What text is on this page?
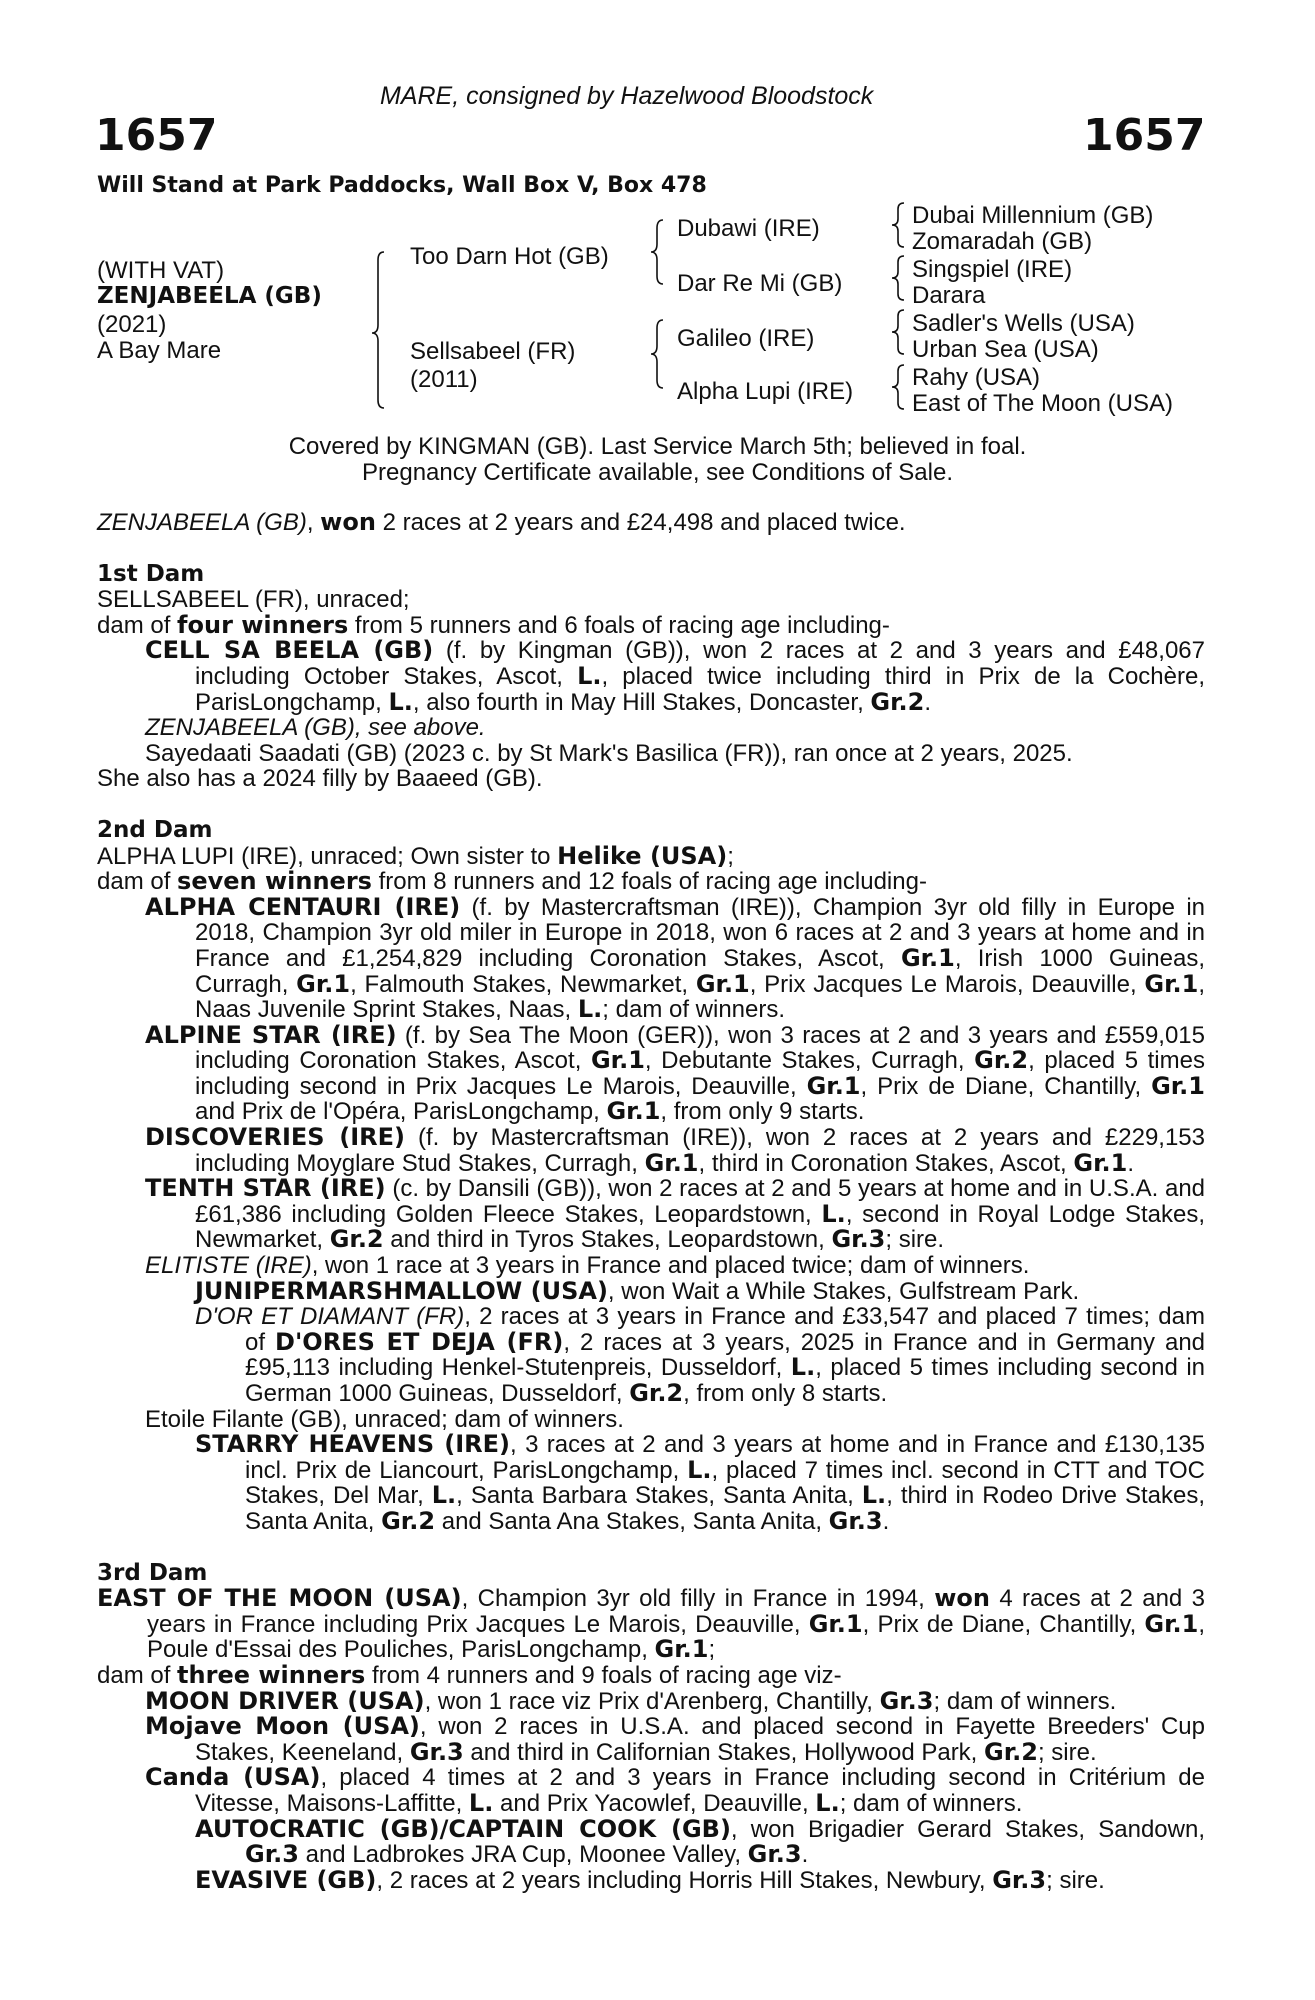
MARE, consigned by Hazelwood Bloodstock
1657	1657
Will Stand at Park Paddocks, Wall Box V, Box 478
(WITH VAT)
ZENJABEELA (GB)
(2021)
A Bay Mare
Too Darn Hot (GB)
Sellsabeel (FR)
(2011)
Dubawi (IRE)
Dar Re Mi (GB)
Galileo (IRE)
Alpha Lupi (IRE)
Dubai Millennium (GB)
Zomaradah (GB)
Singspiel (IRE)
Darara
Sadler's Wells (USA)
Urban Sea (USA)
Rahy (USA)
East of The Moon (USA)
Covered by KINGMAN (GB). Last Service March 5th; believed in foal.
Pregnancy Certificate available, see Conditions of Sale.

ZENJABEELA (GB), won 2 races at 2 years and £24,498 and placed twice.

1st Dam

SELLSABEEL (FR), unraced;

dam of four winners from 5 runners and 6 foals of racing age including-

CELL SA BEELA (GB) (f. by Kingman (GB)), won 2 races at 2 and 3 years and £48,067 including October Stakes, Ascot, L., placed twice including third in Prix de la Cochère, ParisLongchamp, L., also fourth in May Hill Stakes, Doncaster, Gr.2.

ZENJABEELA (GB), see above.

Sayedaati Saadati (GB) (2023 c. by St Mark's Basilica (FR)), ran once at 2 years, 2025.

She also has a 2024 filly by Baaeed (GB).

2nd Dam

ALPHA LUPI (IRE), unraced; Own sister to Helike (USA);

dam of seven winners from 8 runners and 12 foals of racing age including-

ALPHA CENTAURI (IRE) (f. by Mastercraftsman (IRE)), Champion 3yr old filly in Europe in 2018, Champion 3yr old miler in Europe in 2018, won 6 races at 2 and 3 years at home and in France and £1,254,829 including Coronation Stakes, Ascot, Gr.1, Irish 1000 Guineas, Curragh, Gr.1, Falmouth Stakes, Newmarket, Gr.1, Prix Jacques Le Marois, Deauville, Gr.1, Naas Juvenile Sprint Stakes, Naas, L.; dam of winners.

ALPINE STAR (IRE) (f. by Sea The Moon (GER)), won 3 races at 2 and 3 years and £559,015 including Coronation Stakes, Ascot, Gr.1, Debutante Stakes, Curragh, Gr.2, placed 5 times including second in Prix Jacques Le Marois, Deauville, Gr.1, Prix de Diane, Chantilly, Gr.1 and Prix de l'Opéra, ParisLongchamp, Gr.1, from only 9 starts.

DISCOVERIES (IRE) (f. by Mastercraftsman (IRE)), won 2 races at 2 years and £229,153 including Moyglare Stud Stakes, Curragh, Gr.1, third in Coronation Stakes, Ascot, Gr.1.

TENTH STAR (IRE) (c. by Dansili (GB)), won 2 races at 2 and 5 years at home and in U.S.A. and £61,386 including Golden Fleece Stakes, Leopardstown, L., second in Royal Lodge Stakes, Newmarket, Gr.2 and third in Tyros Stakes, Leopardstown, Gr.3; sire.

ELITISTE (IRE), won 1 race at 3 years in France and placed twice; dam of winners.

JUNIPERMARSHMALLOW (USA), won Wait a While Stakes, Gulfstream Park.

D'OR ET DIAMANT (FR), 2 races at 3 years in France and £33,547 and placed 7 times; dam of D'ORES ET DEJA (FR), 2 races at 3 years, 2025 in France and in Germany and £95,113 including Henkel-Stutenpreis, Dusseldorf, L., placed 5 times including second in German 1000 Guineas, Dusseldorf, Gr.2, from only 8 starts.

Etoile Filante (GB), unraced; dam of winners.

STARRY HEAVENS (IRE), 3 races at 2 and 3 years at home and in France and £130,135 incl. Prix de Liancourt, ParisLongchamp, L., placed 7 times incl. second in CTT and TOC Stakes, Del Mar, L., Santa Barbara Stakes, Santa Anita, L., third in Rodeo Drive Stakes, Santa Anita, Gr.2 and Santa Ana Stakes, Santa Anita, Gr.3.

3rd Dam

EAST OF THE MOON (USA), Champion 3yr old filly in France in 1994, won 4 races at 2 and 3 years in France including Prix Jacques Le Marois, Deauville, Gr.1, Prix de Diane, Chantilly, Gr.1, Poule d'Essai des Pouliches, ParisLongchamp, Gr.1;

dam of three winners from 4 runners and 9 foals of racing age viz-

MOON DRIVER (USA), won 1 race viz Prix d'Arenberg, Chantilly, Gr.3; dam of winners.

Mojave Moon (USA), won 2 races in U.S.A. and placed second in Fayette Breeders' Cup Stakes, Keeneland, Gr.3 and third in Californian Stakes, Hollywood Park, Gr.2; sire.

Canda (USA), placed 4 times at 2 and 3 years in France including second in Critérium de Vitesse, Maisons-Laffitte, L. and Prix Yacowlef, Deauville, L.; dam of winners.

AUTOCRATIC (GB)/CAPTAIN COOK (GB), won Brigadier Gerard Stakes, Sandown, Gr.3 and Ladbrokes JRA Cup, Moonee Valley, Gr.3.

EVASIVE (GB), 2 races at 2 years including Horris Hill Stakes, Newbury, Gr.3; sire.
